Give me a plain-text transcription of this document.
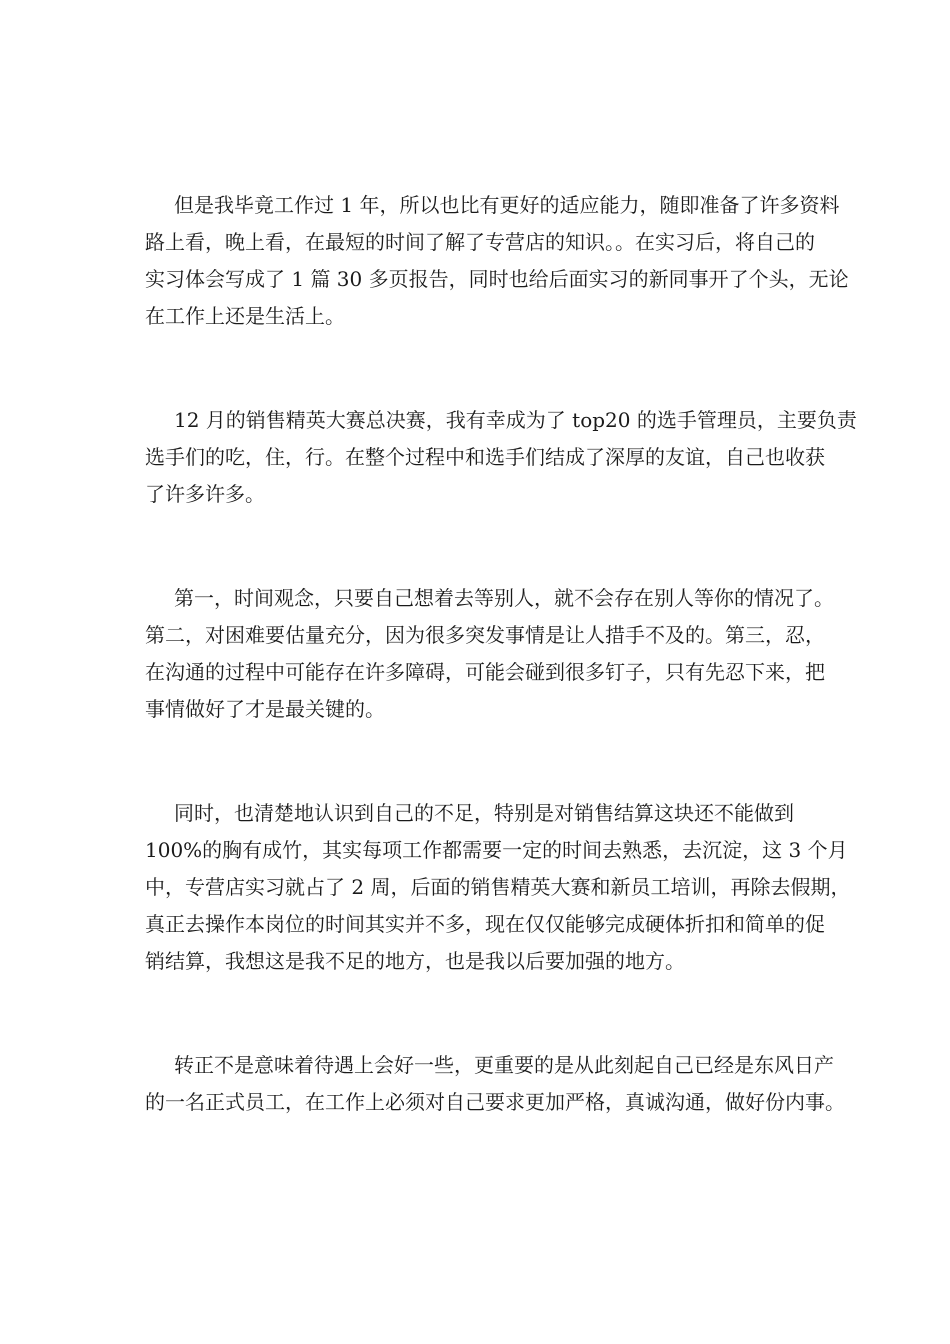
但是我毕竟工作过 1 年，所以也比有更好的适应能力，随即准备了许多资料

路上看，晚上看，在最短的时间了解了专营店的知识。。在实习后，将自己的

实习体会写成了 1 篇 30 多页报告，同时也给后面实习的新同事开了个头，无论

在工作上还是生活上。

12 月的销售精英大赛总决赛，我有幸成为了 top20 的选手管理员，主要负责

选手们的吃，住，行。在整个过程中和选手们结成了深厚的友谊，自己也收获

了许多许多。

第一，时间观念，只要自己想着去等别人，就不会存在别人等你的情况了。

第二，对困难要估量充分，因为很多突发事情是让人措手不及的。第三，忍，

在沟通的过程中可能存在许多障碍，可能会碰到很多钉子，只有先忍下来，把

事情做好了才是最关键的。

同时，也清楚地认识到自己的不足，特别是对销售结算这块还不能做到

100%的胸有成竹，其实每项工作都需要一定的时间去熟悉，去沉淀，这 3 个月

中，专营店实习就占了 2 周，后面的销售精英大赛和新员工培训，再除去假期，

真正去操作本岗位的时间其实并不多，现在仅仅能够完成硬体折扣和简单的促

销结算，我想这是我不足的地方，也是我以后要加强的地方。

转正不是意味着待遇上会好一些，更重要的是从此刻起自己已经是东风日产

的一名正式员工，在工作上必须对自己要求更加严格，真诚沟通，做好份内事。
